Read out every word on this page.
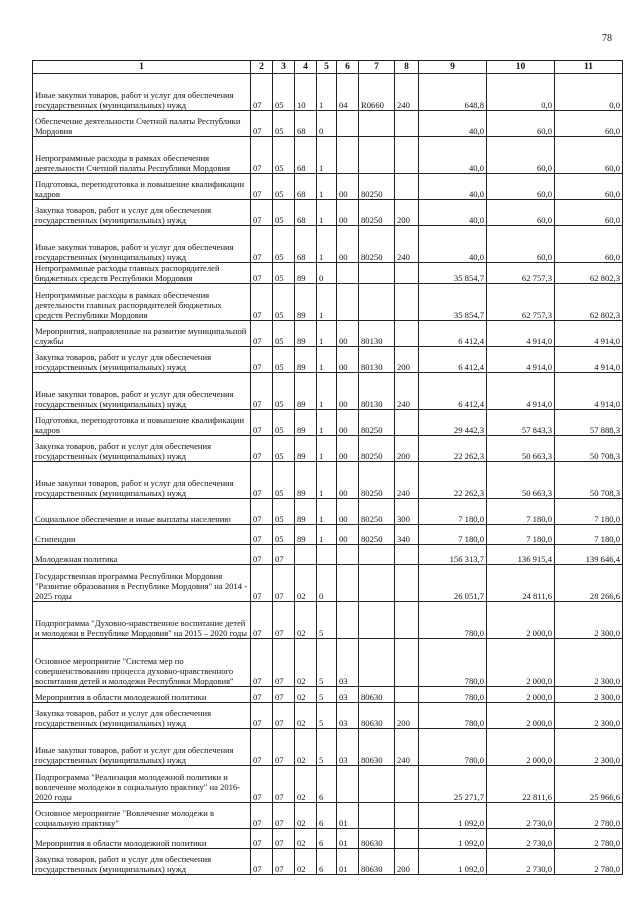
78
1	2	3	4	5	6	7	8	9	10	11
Иные закупки товаров, работ и услуг для обеспечения государственных (муниципальных) нужд	07	05	10	1	04	R0660	240	648,8	0,0	0,0
Обеспечение деятельности Счетной палаты Республики Мордовия	07	05	68	0				40,0	60,0	60,0
Непрограммные расходы в рамках обеспечения деятельности Счетной палаты Республики Мордовия	07	05	68	1				40,0	60,0	60,0
Подготовка, переподготовка и повышение квалификации кадров	07	05	68	1	00	80250		40,0	60,0	60,0
Закупка товаров, работ и услуг для обеспечения государственных (муниципальных) нужд	07	05	68	1	00	80250	200	40,0	60,0	60,0
Иные закупки товаров, работ и услуг для обеспечения государственных (муниципальных) нужд	07	05	68	1	00	80250	240	40,0	60,0	60,0
Непрограммные расходы главных распорядителей бюджетных средств Республики Мордовия	07	05	89	0				35 854,7	62 757,3	62 802,3
Непрограммные расходы в рамках обеспечения деятельности главных распорядителей бюджетных средств Республики Мордовия	07	05	89	1				35 854,7	62 757,3	62 802,3
Мероприятия, направленные на развитие муниципальной службы	07	05	89	1	00	80130		6 412,4	4 914,0	4 914,0
Закупка товаров, работ и услуг для обеспечения государственных (муниципальных) нужд	07	05	89	1	00	80130	200	6 412,4	4 914,0	4 914,0
Иные закупки товаров, работ и услуг для обеспечения государственных (муниципальных) нужд	07	05	89	1	00	80130	240	6 412,4	4 914,0	4 914,0
Подготовка, переподготовка и повышение квалификации кадров	07	05	89	1	00	80250		29 442,3	57 843,3	57 888,3
Закупка товаров, работ и услуг для обеспечения государственных (муниципальных) нужд	07	05	89	1	00	80250	200	22 262,3	50 663,3	50 708,3
Иные закупки товаров, работ и услуг для обеспечения государственных (муниципальных) нужд	07	05	89	1	00	80250	240	22 262,3	50 663,3	50 708,3
Социальное обеспечение и иные выплаты населению	07	05	89	1	00	80250	300	7 180,0	7 180,0	7 180,0
Стипендии	07	05	89	1	00	80250	340	7 180,0	7 180,0	7 180,0
Молодежная политика	07	07						156 313,7	136 915,4	139 646,4
Государственная программа Республики Мордовия "Развитие образования в Республике Мордовия" на 2014 - 2025 годы	07	07	02	0				26 051,7	24 811,6	28 266,6
Подпрограмма "Духовно-нравственное воспитание детей и молодежи в Республике Мордовия" на 2015 – 2020 годы	07	07	02	5				780,0	2 000,0	2 300,0
Основное мероприятие "Система мер по совершенствованию процесса духовно-нравственного воспитания детей и молодежи Республики Мордовия"	07	07	02	5	03			780,0	2 000,0	2 300,0
Мероприятия в области молодежной политики	07	07	02	5	03	80630		780,0	2 000,0	2 300,0
Закупка товаров, работ и услуг для обеспечения государственных (муниципальных) нужд	07	07	02	5	03	80630	200	780,0	2 000,0	2 300,0
Иные закупки товаров, работ и услуг для обеспечения государственных (муниципальных) нужд	07	07	02	5	03	80630	240	780,0	2 000,0	2 300,0
Подпрограмма "Реализация молодежной политики и вовлечение молодежи в социальную практику" на 2016-2020 годы	07	07	02	6				25 271,7	22 811,6	25 966,6
Основное мероприятие "Вовлечение молодежи в социальную практику"	07	07	02	6	01			1 092,0	2 730,0	2 780,0
Мероприятия в области молодежной политики	07	07	02	6	01	80630		1 092,0	2 730,0	2 780,0
Закупка товаров, работ и услуг для обеспечения государственных (муниципальных) нужд	07	07	02	6	01	80630	200	1 092,0	2 730,0	2 780,0
